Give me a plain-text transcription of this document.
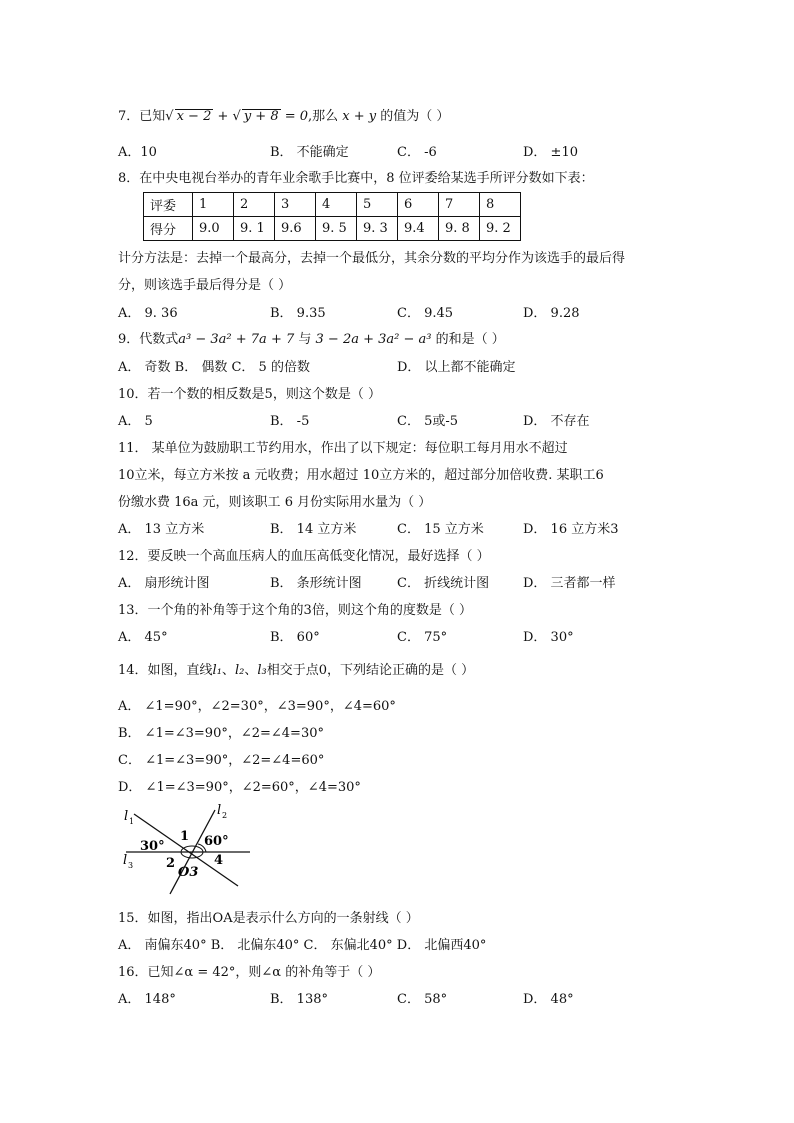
7．已知√ x − 2 + √ y + 8 = 0,那么 x + y 的值为（ ）
A．10	B． 不能确定	C． -6	D． ±10
8．在中央电视台举办的青年业余歌手比赛中，8 位评委给某选手所评分数如下表：
评委	1	2	3	4	5	6	7	8
得分	9.0	9. 1	9.6	9. 5	9. 3	9.4	9. 8	9. 2
计分方法是：去掉一个最高分，去掉一个最低分，其余分数的平均分作为该选手的最后得
分，则该选手最后得分是（ ）
A． 9. 36	B． 9.35	C． 9.45	D． 9.28
9．代数式a³ − 3a² + 7a + 7 与 3 − 2a + 3a² − a³ 的和是（ ）
A． 奇数 B． 偶数 C． 5 的倍数	D． 以上都不能确定
10．若一个数的相反数是5，则这个数是（ ）
A． 5	B． -5	C． 5或-5	D． 不存在
11． 某单位为鼓励职工节约用水，作出了以下规定：每位职工每月用水不超过
10立米，每立方米按 a 元收费；用水超过 10立方米的，超过部分加倍收费. 某职工6
份缴水费 16a 元，则该职工 6 月份实际用水量为（ ）
A． 13 立方米	B． 14 立方米	C． 15 立方米	D． 16 立方米3
12．要反映一个高血压病人的血压高低变化情况，最好选择（ ）
A． 扇形统计图	B． 条形统计图	C． 折线统计图	D． 三者都一样
13．一个角的补角等于这个角的3倍，则这个角的度数是（ ）
A． 45°	B． 60°	C． 75°	D． 30°
14．如图，直线l₁、l₂、l₃相交于点0，下列结论正确的是（ ）
A． ∠1=90°，∠2=30°，∠3=90°，∠4=60°
B． ∠1=∠3=90°，∠2=∠4=30°
C． ∠1=∠3=90°，∠2=∠4=60°
D． ∠1=∠3=90°，∠2=60°，∠4=30°
l 1
l 2
l 3
30°
1 60°
2	4
O3
15．如图，指出OA是表示什么方向的一条射线（ ）
A． 南偏东40° B． 北偏东40° C． 东偏北40° D． 北偏西40°
16．已知∠α = 42°，则∠α 的补角等于（ ）
A． 148°	B． 138°	C． 58°	D． 48°
